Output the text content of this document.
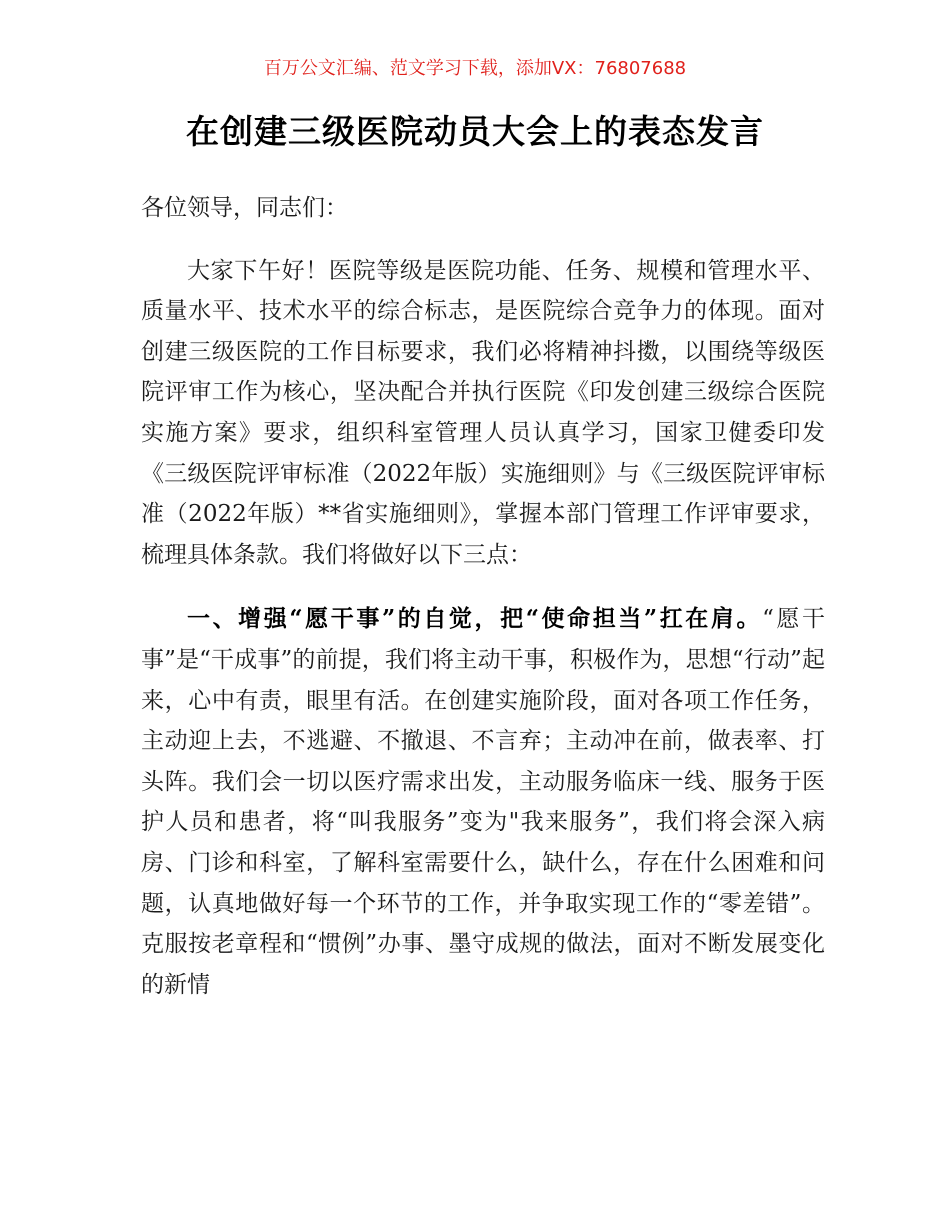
百万公文汇编、范文学习下载，添加VX：76807688
在创建三级医院动员大会上的表态发言

各位领导，同志们：

大家下午好！医院等级是医院功能、任务、规模和管理水平、质量水平、技术水平的综合标志，是医院综合竞争力的体现。面对创建三级医院的工作目标要求，我们必将精神抖擞，以围绕等级医院评审工作为核心，坚决配合并执行医院《印发创建三级综合医院实施方案》要求，组织科室管理人员认真学习，国家卫健委印发《三级医院评审标准（2022年版）实施细则》与《三级医院评审标准（2022年版）**省实施细则》，掌握本部门管理工作评审要求，梳理具体条款。我们将做好以下三点：

一、增强“愿干事”的自觉，把“使命担当”扛在肩。“愿干事”是“干成事”的前提，我们将主动干事，积极作为，思想“行动”起来，心中有责，眼里有活。在创建实施阶段，面对各项工作任务，主动迎上去，不逃避、不撤退、不言弃；主动冲在前，做表率、打头阵。我们会一切以医疗需求出发，主动服务临床一线、服务于医护人员和患者，将“叫我服务”变为"我来服务”，我们将会深入病房、门诊和科室，了解科室需要什么，缺什么，存在什么困难和问题，认真地做好每一个环节的工作，并争取实现工作的“零差错”。克服按老章程和“惯例”办事、墨守成规的做法，面对不断发展变化的新情
